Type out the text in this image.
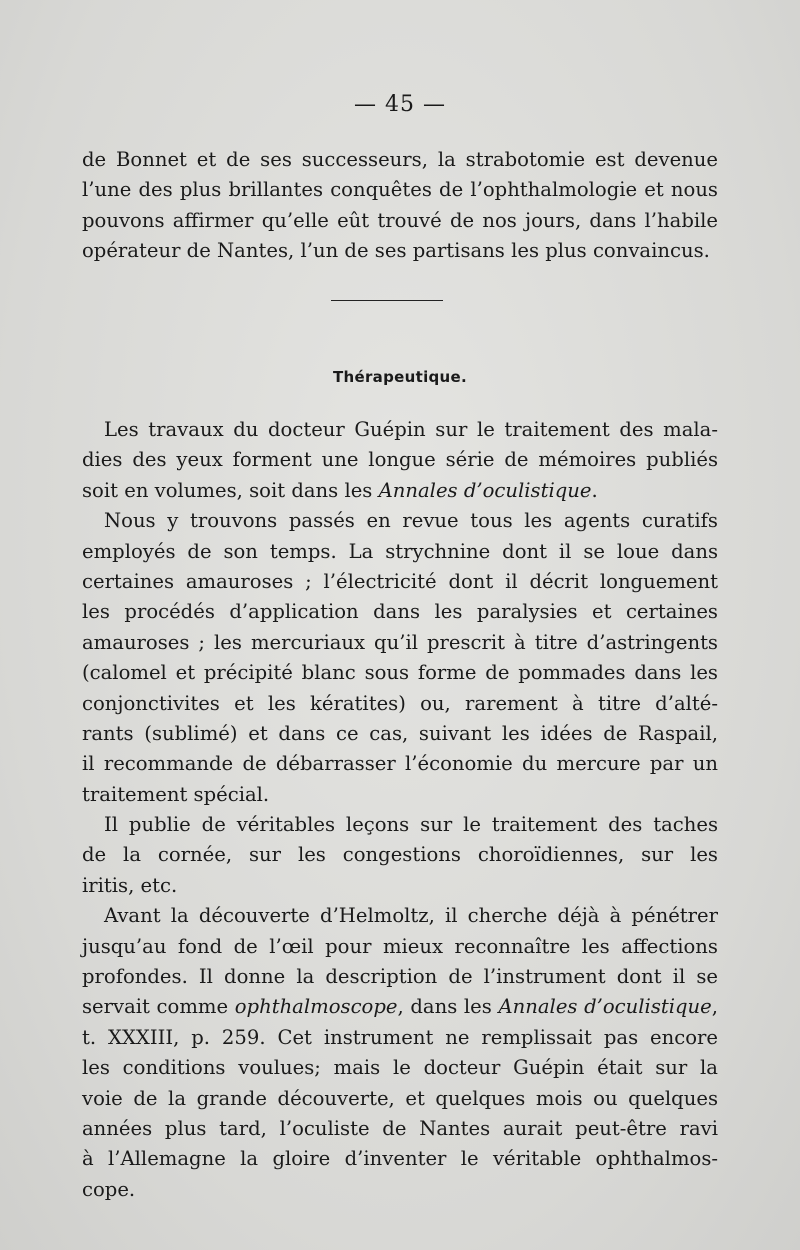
— 45 —
de Bonnet et de ses successeurs, la strabotomie est devenue
l’une des plus brillantes conquêtes de l’ophthalmologie et nous
pouvons affirmer qu’elle eût trouvé de nos jours, dans l’habile
opérateur de Nantes, l’un de ses partisans les plus convaincus.
Thérapeutique.
Les travaux du docteur Guépin sur le traitement des mala-
dies des yeux forment une longue série de mémoires publiés
soit en volumes, soit dans les Annales d’oculistique.
Nous y trouvons passés en revue tous les agents curatifs
employés de son temps. La strychnine dont il se loue dans
certaines amauroses ; l’électricité dont il décrit longuement
les procédés d’application dans les paralysies et certaines
amauroses ; les mercuriaux qu’il prescrit à titre d’astringents
(calomel et précipité blanc sous forme de pommades dans les
conjonctivites et les kératites) ou, rarement à titre d’alté-
rants (sublimé) et dans ce cas, suivant les idées de Raspail,
il recommande de débarrasser l’économie du mercure par un
traitement spécial.
Il publie de véritables leçons sur le traitement des taches
de la cornée, sur les congestions choroïdiennes, sur les
iritis, etc.
Avant la découverte d’Helmoltz, il cherche déjà à pénétrer
jusqu’au fond de l’œil pour mieux reconnaître les affections
profondes. Il donne la description de l’instrument dont il se
servait comme ophthalmoscope, dans les Annales d’oculistique,
t. XXXIII, p. 259. Cet instrument ne remplissait pas encore
les conditions voulues; mais le docteur Guépin était sur la
voie de la grande découverte, et quelques mois ou quelques
années plus tard, l’oculiste de Nantes aurait peut-être ravi
à l’Allemagne la gloire d’inventer le véritable ophthalmos-
cope.
